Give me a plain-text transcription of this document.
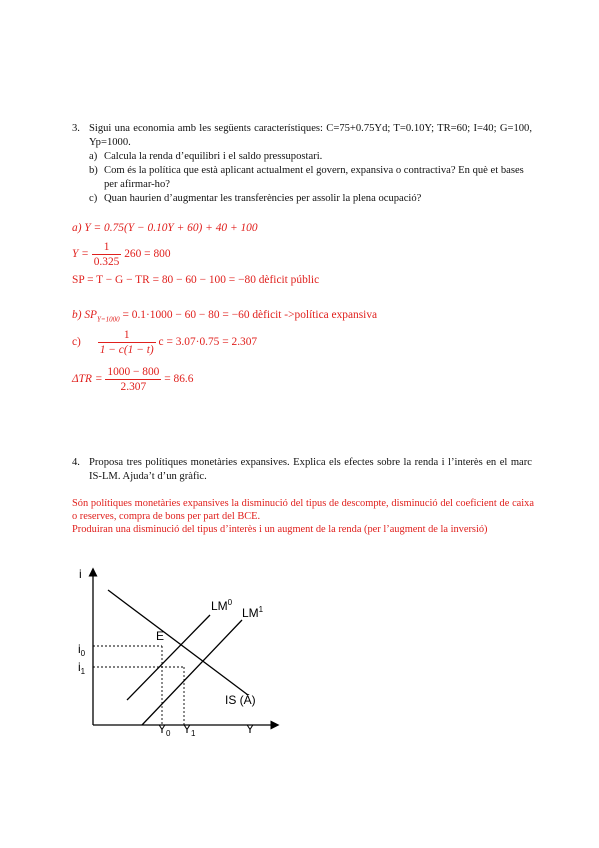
3. Sigui una economia amb les següents característiques: C=75+0.75Yd; T=0.10Y; TR=60; I=40; G=100, Yp=1000.
a) Calcula la renda d’equilibri i el saldo pressupostari.
b) Com és la política que està aplicant actualment el govern, expansiva o contractiva? En què et bases per afirmar-ho?
c) Quan haurien d’augmentar les transferències per assolir la plena ocupació?
a) Y = 0.75(Y − 0.10Y + 60) + 40 + 100
$Y = \frac{1}{0.325} 260 = 800$
SP = T − G − TR = 80 − 60 − 100 = −80 dèficit públic
b) $SP_{Y=1000} = 0.1\cdot 1000 - 60 - 80 = -60$ dèficit ->política expansiva
$c) \frac{1}{1 - c(1 - t)}$ c = 3.07·0.75 = 2.307
$\Delta TR = \frac{1000 - 800}{2.307} = 86.6$
4. Proposa tres polítiques monetàries expansives. Explica els efectes sobre la renda i l’interès en el marc IS-LM. Ajuda’t d’un gràfic.
Són polítiques monetàries expansives la disminució del tipus de descompte, disminució del coeficient de caixa o reserves, compra de bons per part del BCE.
Produiran una disminució del tipus d’interès i un augment de la renda (per l’augment de la inversió)
i
Y
$LM^0$
$LM^1$
E
$i_0$
$i_1$
IS (Ā)
$Y_0$ $Y_1$
